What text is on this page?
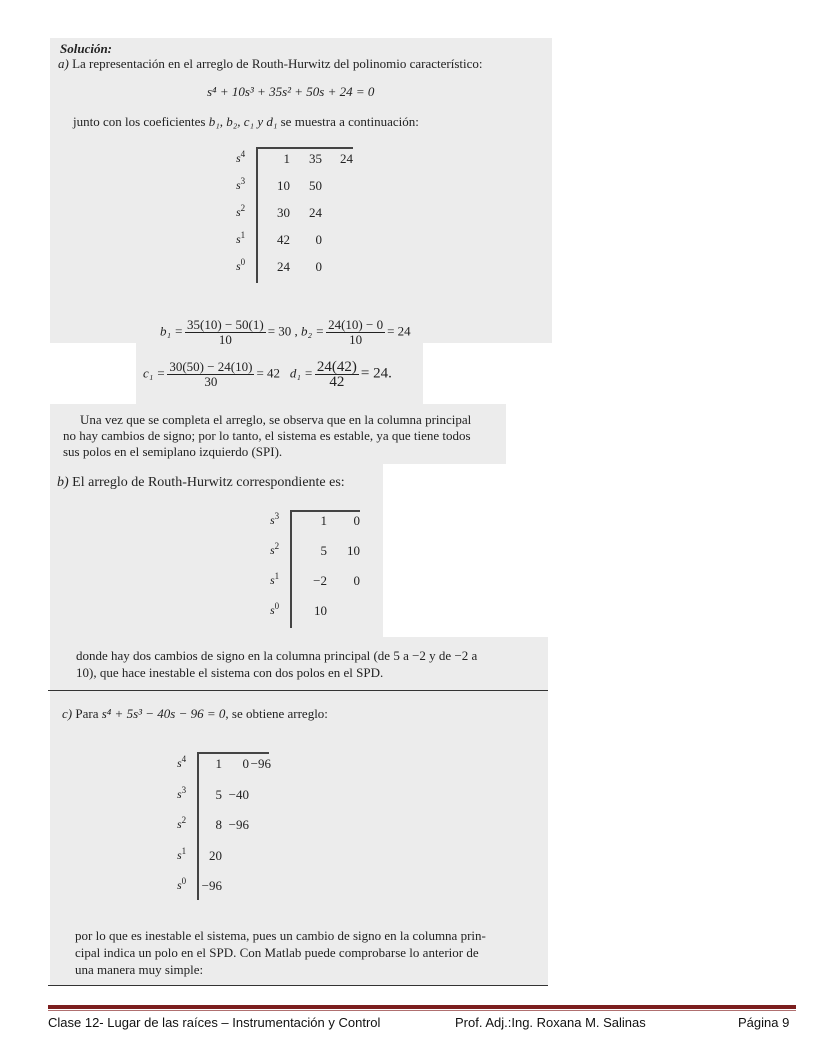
Solución:
a) La representación en el arreglo de Routh-Hurwitz del polinomio característico:
s⁴ + 10s³ + 35s² + 50s + 24 = 0
junto con los coeficientes b₁, b₂, c₁ y d₁ se muestra a continuación:
$s^4$	1	35	24
$s^3$	10	50
$s^2$	30	24
$s^1$	42	0
$s^0$	24	0
$b_1 = \frac{35(10) - 50(1)}{10} = 30$ , $b_2 = \frac{24(10) - 0}{10} = 24$
$c_1 = \frac{30(50) - 24(10)}{30} = 42$ $d_1 = \frac{24(42)}{42} = 24$.
Una vez que se completa el arreglo, se observa que en la columna principal
no hay cambios de signo; por lo tanto, el sistema es estable, ya que tiene todos
sus polos en el semiplano izquierdo (SPI).
b) El arreglo de Routh-Hurwitz correspondiente es:
$s^3$	1	0
$s^2$	5	10
$s^1$	−2	0
$s^0$	10
donde hay dos cambios de signo en la columna principal (de 5 a −2 y de −2 a
10), que hace inestable el sistema con dos polos en el SPD.
c) Para s⁴ + 5s³ − 40s − 96 = 0, se obtiene arreglo:
$s^4$	1	0 −96
$s^3$	5 −40
$s^2$	8 −96
$s^1$	20
$s^0$	−96
por lo que es inestable el sistema, pues un cambio de signo en la columna prin-
cipal indica un polo en el SPD. Con Matlab puede comprobarse lo anterior de
una manera muy simple:
Clase 12- Lugar de las raíces – Instrumentación y Control	Prof. Adj.:Ing. Roxana M. Salinas	Página 9
